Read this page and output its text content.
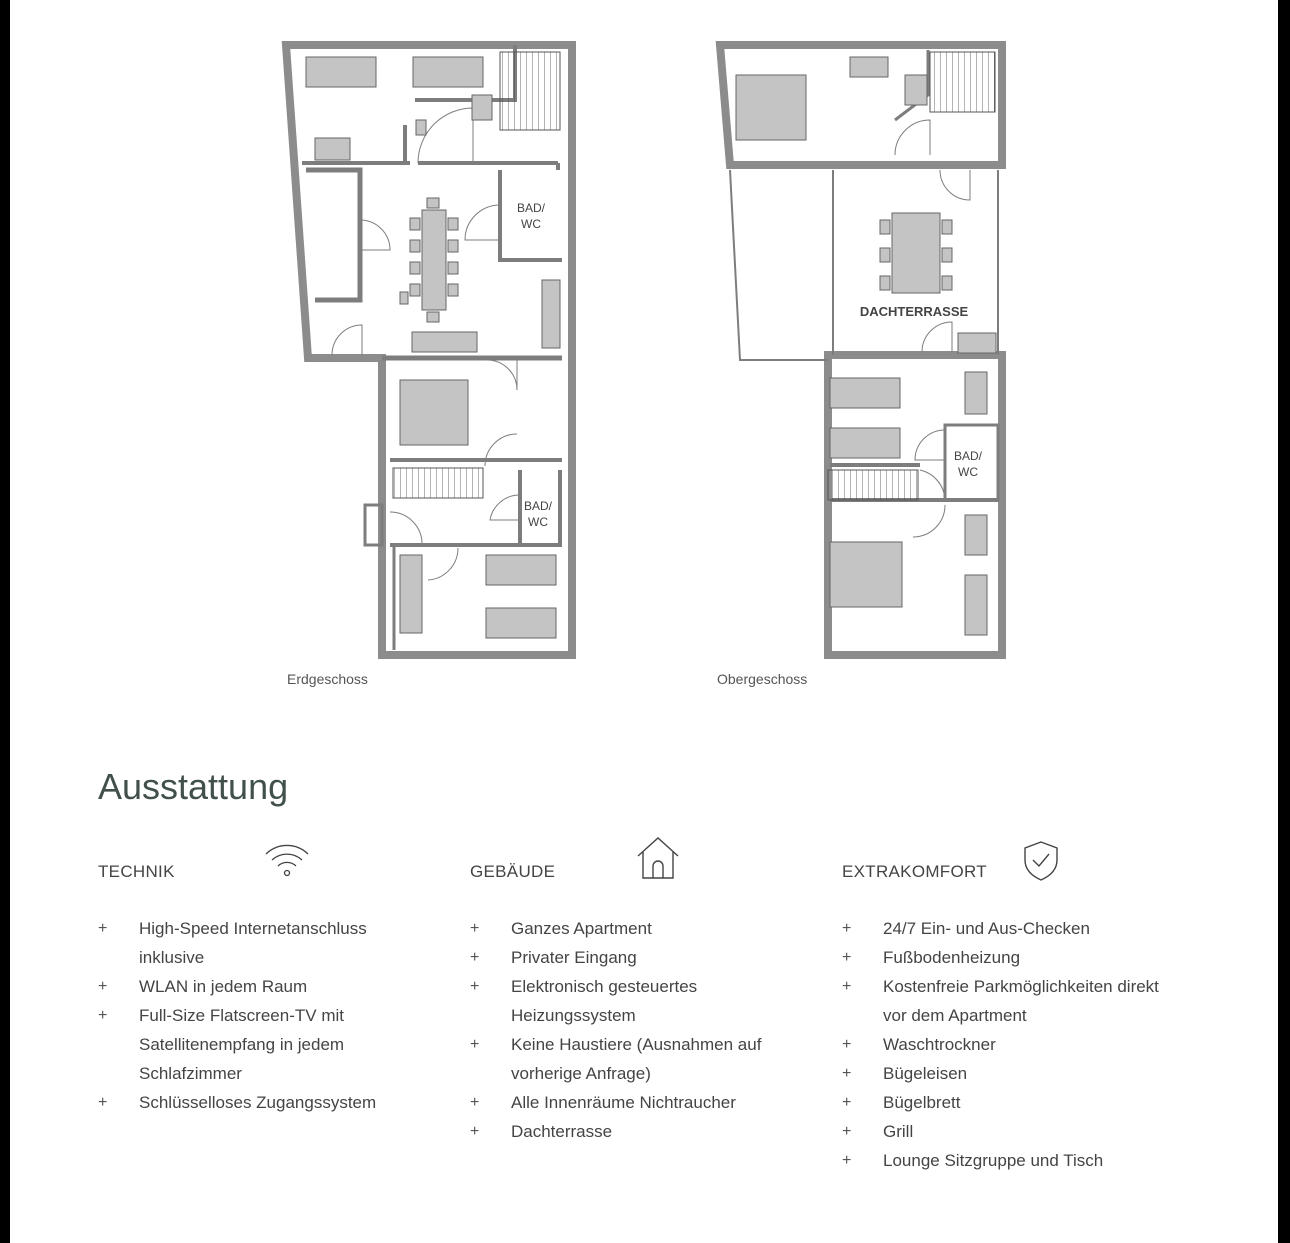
BAD/
WC
BAD/
WC
BAD/
WC
DACHTERRASSE
Erdgeschoss	Obergeschoss
Ausstattung
TECHNIK
+ High-Speed Internetanschluss
inklusive
+ WLAN in jedem Raum
+ Full-Size Flatscreen-TV mit
Satellitenempfang in jedem
Schlafzimmer
+ Schlüsselloses Zugangssystem
GEBÄUDE
+ Ganzes Apartment
+ Privater Eingang
+ Elektronisch gesteuertes
Heizungssystem
+ Keine Haustiere (Ausnahmen auf
vorherige Anfrage)
+ Alle Innenräume Nichtraucher
+ Dachterrasse
EXTRAKOMFORT
+ 24/7 Ein- und Aus-Checken
+ Fußbodenheizung
+ Kostenfreie Parkmöglichkeiten direkt
vor dem Apartment
+ Waschtrockner
+ Bügeleisen
+ Bügelbrett
+ Grill
+ Lounge Sitzgruppe und Tisch
